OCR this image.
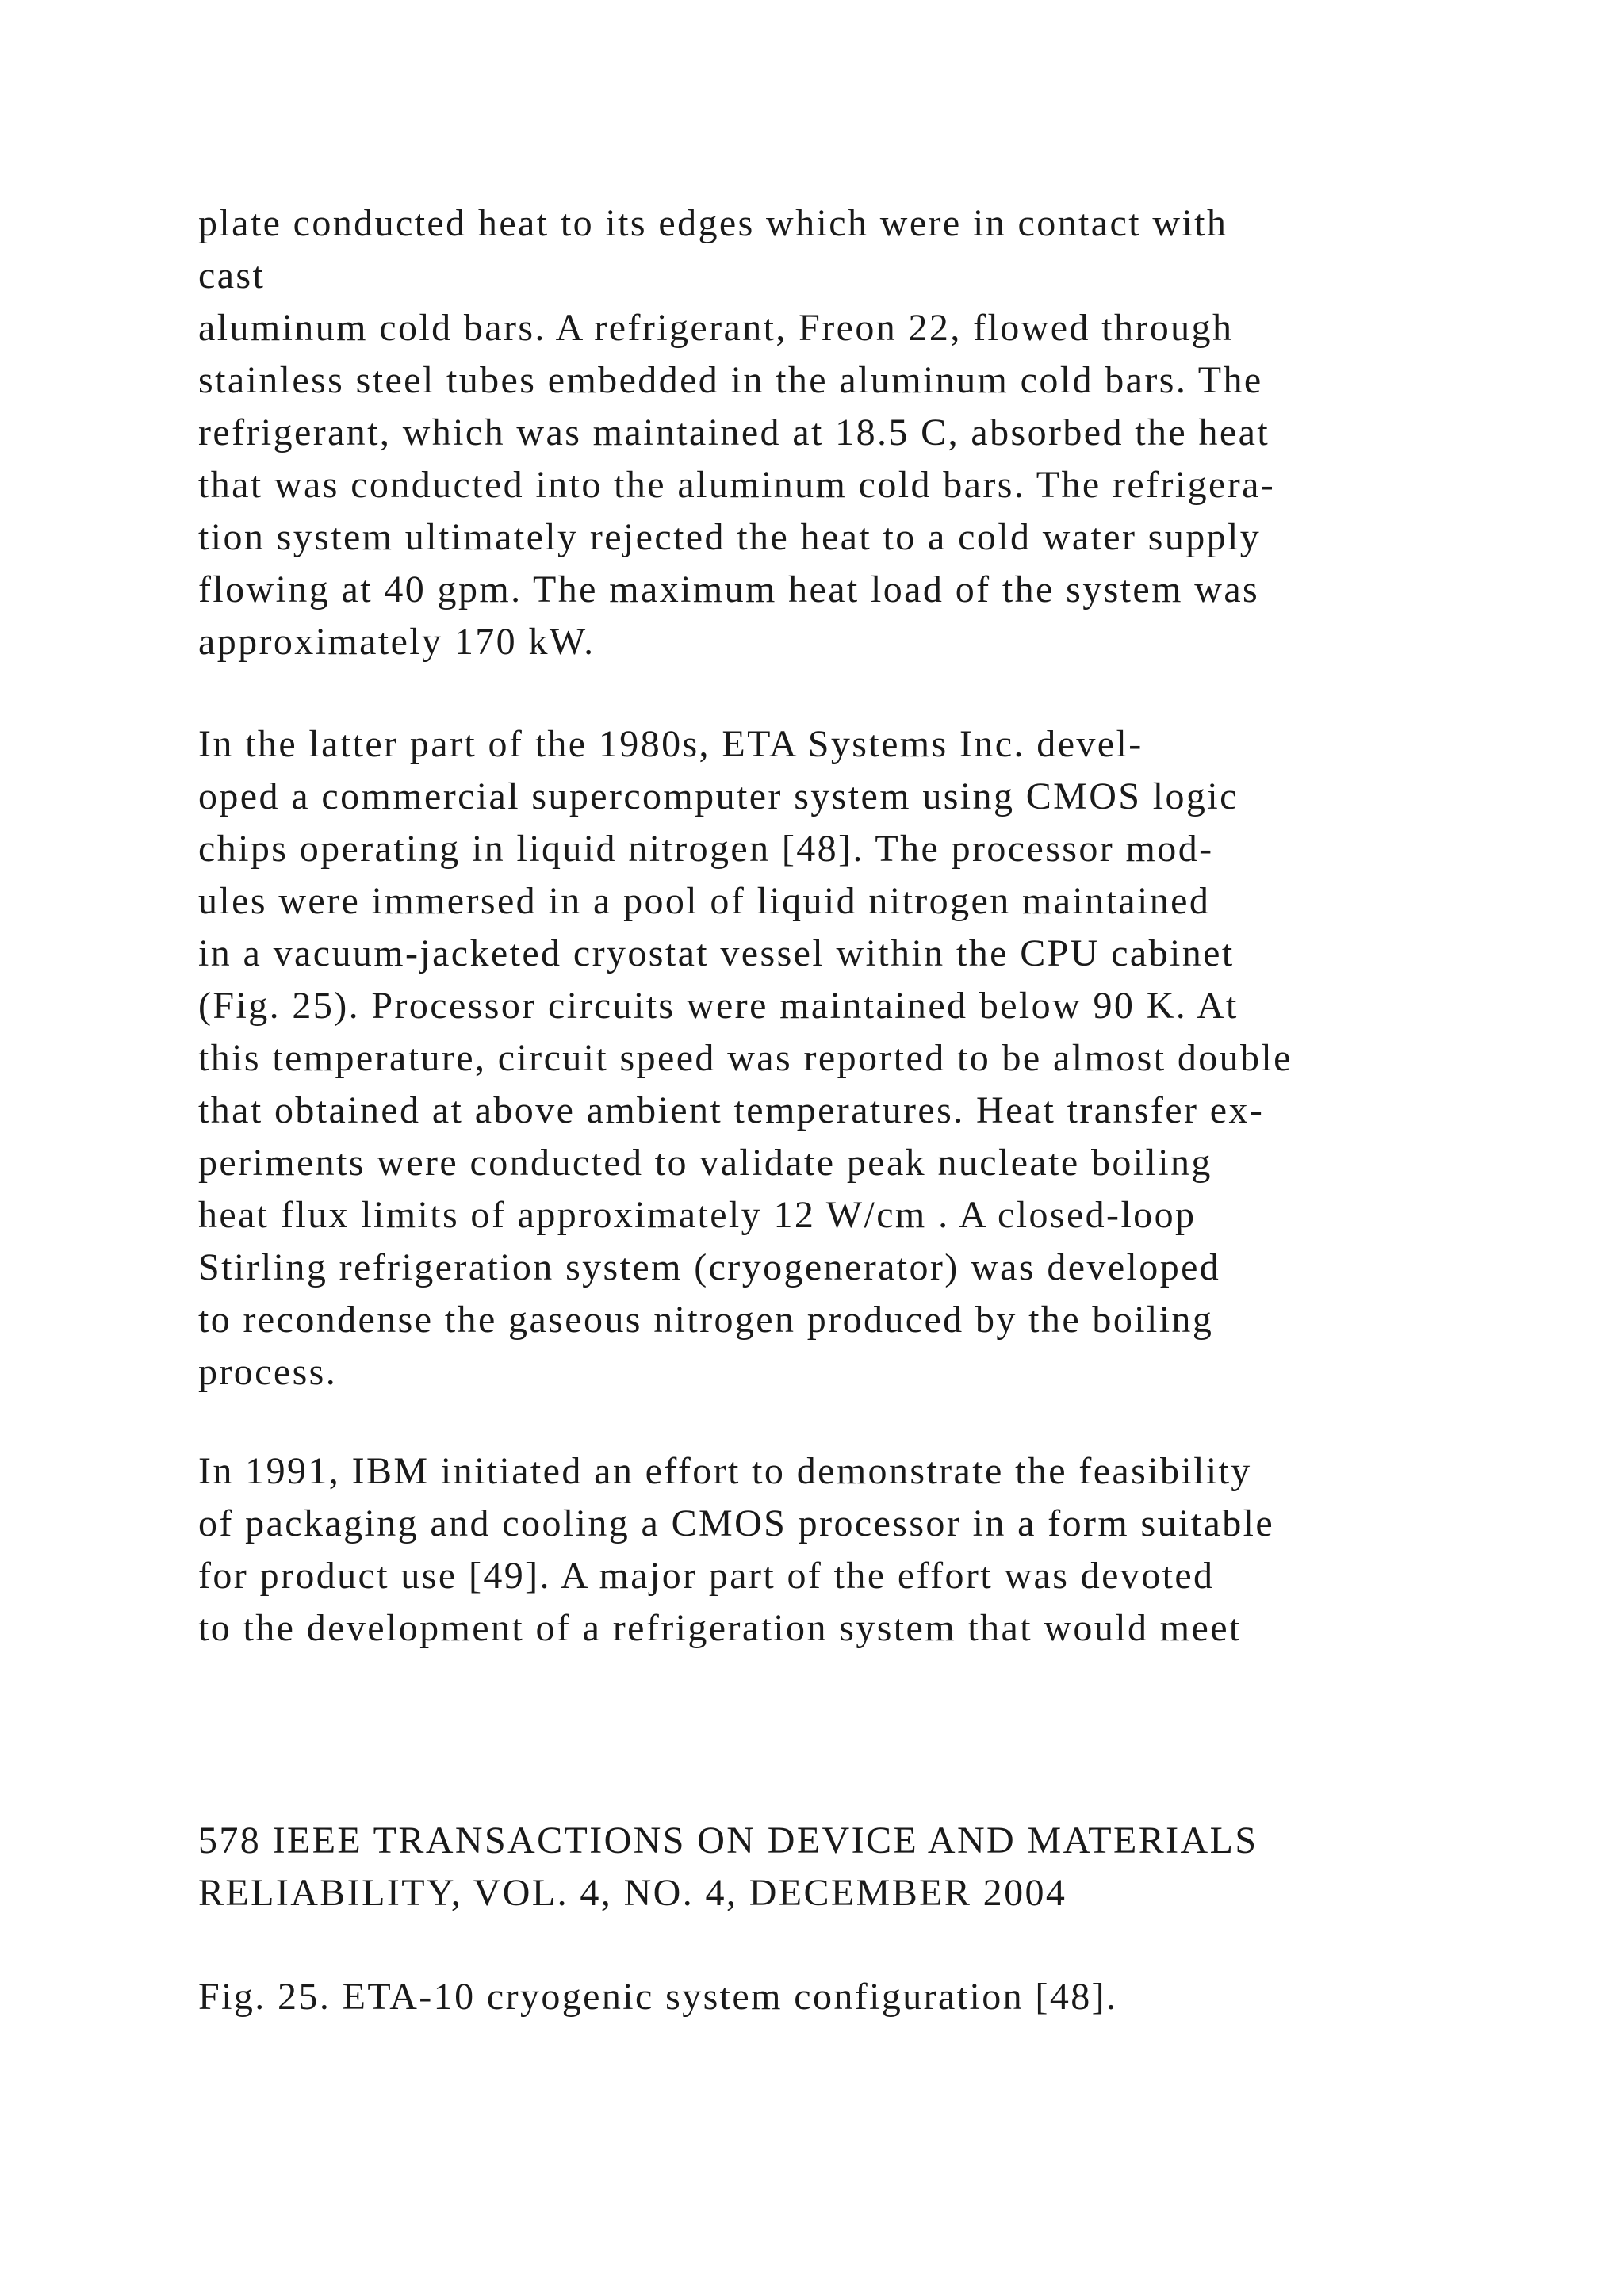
plate conducted heat to its edges which were in contact with
cast
aluminum cold bars. A refrigerant, Freon 22, flowed through
stainless steel tubes embedded in the aluminum cold bars. The
refrigerant, which was maintained at 18.5 C, absorbed the heat
that was conducted into the aluminum cold bars. The refrigera-
tion system ultimately rejected the heat to a cold water supply
flowing at 40 gpm. The maximum heat load of the system was
approximately 170 kW.
In the latter part of the 1980s, ETA Systems Inc. devel-
oped a commercial supercomputer system using CMOS logic
chips operating in liquid nitrogen [48]. The processor mod-
ules were immersed in a pool of liquid nitrogen maintained
in a vacuum-jacketed cryostat vessel within the CPU cabinet
(Fig. 25). Processor circuits were maintained below 90 K. At
this temperature, circuit speed was reported to be almost double
that obtained at above ambient temperatures. Heat transfer ex-
periments were conducted to validate peak nucleate boiling
heat flux limits of approximately 12 W/cm . A closed-loop
Stirling refrigeration system (cryogenerator) was developed
to recondense the gaseous nitrogen produced by the boiling
process.
In 1991, IBM initiated an effort to demonstrate the feasibility
of packaging and cooling a CMOS processor in a form suitable
for product use [49]. A major part of the effort was devoted
to the development of a refrigeration system that would meet
578 IEEE TRANSACTIONS ON DEVICE AND MATERIALS
RELIABILITY, VOL. 4, NO. 4, DECEMBER 2004
Fig. 25. ETA-10 cryogenic system configuration [48].
